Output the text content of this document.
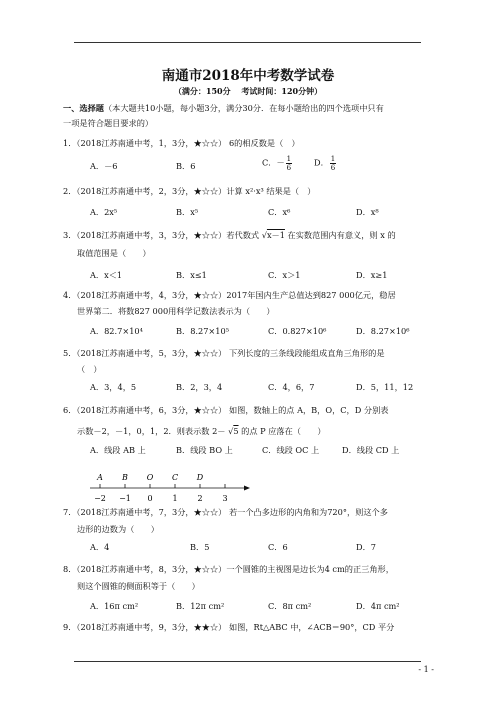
南通市2018年中考数学试卷
（满分：150分　 考试时间：120分钟）
一、选择题（本大题共10小题，每小题3分，满分30分．在每小题给出的四个选项中只有
一项是符合题目要求的）
1．（2018江苏南通中考，1，3分，★☆☆） 6的相反数是（　）
A．－6	B．6	C．－ $\frac{1}{6}$	D． $\frac{1}{6}$
2．（2018江苏南通中考，2，3分，★☆☆）计算 x²·x³ 结果是（　）
A．2x⁵	B．x⁵	C．x⁶	D．x⁸
3．（2018江苏南通中考，3，3分，★☆☆）若代数式 √x－1 在实数范围内有意义，则 x 的
取值范围是（　　）
A．x＜1	B．x≤1	C．x＞1	D．x≥1
4．（2018江苏南通中考，4，3分，★☆☆）2017年国内生产总值达到827 000亿元，稳居
世界第二．将数827 000用科学记数法表示为（　　）
A．82.7×10⁴	B．8.27×10⁵	C．0.827×10⁶	D．8.27×10⁶
5．（2018江苏南通中考，5，3分，★☆☆） 下列长度的三条线段能组成直角三角形的是
（　）
A．3，4，5	B．2，3，4	C．4，6，7	D．5，11，12
6．（2018江苏南通中考，6，3分，★☆☆） 如图，数轴上的点 A，B，O，C，D 分别表
示数－2，－1，0，1，2．则表示数 2－ √5 的点 P 应落在（　　）
A．线段 AB 上	B．线段 BO 上	C．线段 OC 上	D．线段 CD 上
−2
A
−1
B
0
O
1
C
2
D
3
7．（2018江苏南通中考，7，3分，★☆☆） 若一个凸多边形的内角和为720°，则这个多
边形的边数为（　　）
A．4	B．5	C．6	D．7
8．（2018江苏南通中考，8，3分，★☆☆）一个圆锥的主视图是边长为4 cm的正三角形，
则这个圆锥的侧面积等于（　　）
A．16π cm²	B．12π cm²	C．8π cm²	D．4π cm²
9．（2018江苏南通中考，9，3分，★★☆） 如图，Rt△ABC 中，∠ACB＝90°，CD 平分
- 1 -
